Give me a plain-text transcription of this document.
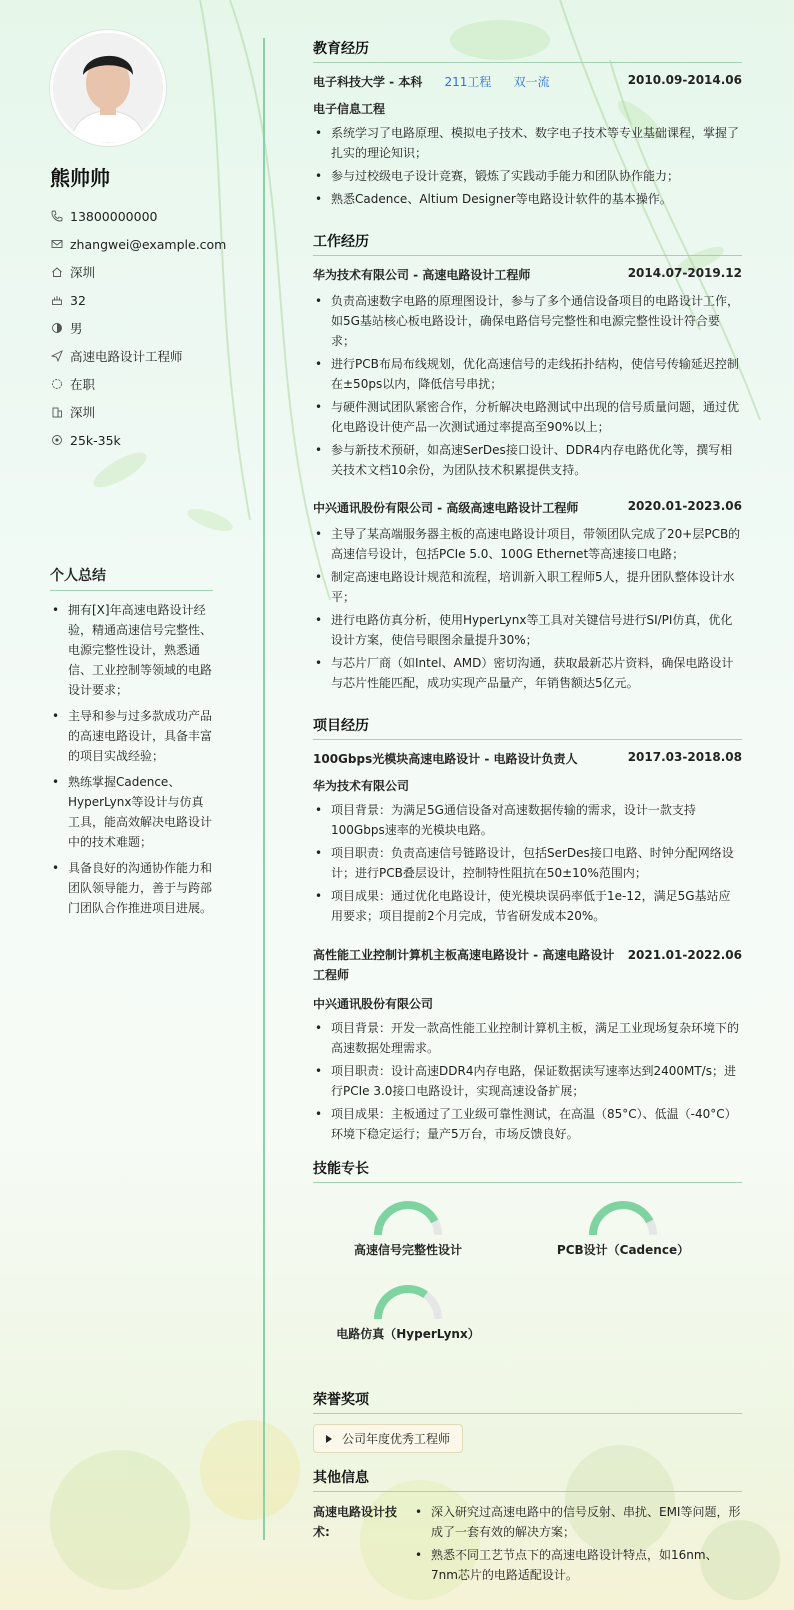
熊帅帅
13800000000
zhangwei@example.com
深圳
32
男
高速电路设计工程师
在职
深圳
25k-35k
个人总结
• 拥有[X]年高速电路设计经验，精通高速信号完整性、电源完整性设计，熟悉通信、工业控制等领域的电路设计要求；
• 主导和参与过多款成功产品的高速电路设计，具备丰富的项目实战经验；
• 熟练掌握Cadence、HyperLynx等设计与仿真工具，能高效解决电路设计中的技术难题；
• 具备良好的沟通协作能力和团队领导能力，善于与跨部门团队合作推进项目进展。
教育经历
电子科技大学 - 本科 211工程 双一流	2010.09-2014.06
电子信息工程
• 系统学习了电路原理、模拟电子技术、数字电子技术等专业基础课程，掌握了扎实的理论知识；
• 参与过校级电子设计竞赛，锻炼了实践动手能力和团队协作能力；
• 熟悉Cadence、Altium Designer等电路设计软件的基本操作。
工作经历
华为技术有限公司 - 高速电路设计工程师	2014.07-2019.12
• 负责高速数字电路的原理图设计，参与了多个通信设备项目的电路设计工作，如5G基站核心板电路设计，确保电路信号完整性和电源完整性设计符合要求；
• 进行PCB布局布线规划，优化高速信号的走线拓扑结构，使信号传输延迟控制在±50ps以内，降低信号串扰；
• 与硬件测试团队紧密合作，分析解决电路测试中出现的信号质量问题，通过优化电路设计使产品一次测试通过率提高至90%以上；
• 参与新技术预研，如高速SerDes接口设计、DDR4内存电路优化等，撰写相关技术文档10余份，为团队技术积累提供支持。
中兴通讯股份有限公司 - 高级高速电路设计工程师	2020.01-2023.06
• 主导了某高端服务器主板的高速电路设计项目，带领团队完成了20+层PCB的高速信号设计，包括PCIe 5.0、100G Ethernet等高速接口电路；
• 制定高速电路设计规范和流程，培训新入职工程师5人，提升团队整体设计水平；
• 进行电路仿真分析，使用HyperLynx等工具对关键信号进行SI/PI仿真，优化设计方案，使信号眼图余量提升30%；
• 与芯片厂商（如Intel、AMD）密切沟通，获取最新芯片资料，确保电路设计与芯片性能匹配，成功实现产品量产，年销售额达5亿元。
项目经历
100Gbps光模块高速电路设计 - 电路设计负责人	2017.03-2018.08
华为技术有限公司
• 项目背景：为满足5G通信设备对高速数据传输的需求，设计一款支持100Gbps速率的光模块电路。
• 项目职责：负责高速信号链路设计，包括SerDes接口电路、时钟分配网络设计；进行PCB叠层设计，控制特性阻抗在50±10%范围内；
• 项目成果：通过优化电路设计，使光模块误码率低于1e-12，满足5G基站应用要求；项目提前2个月完成，节省研发成本20%。
高性能工业控制计算机主板高速电路设计 - 高速电路设计
工程师
2021.01-2022.06
中兴通讯股份有限公司
• 项目背景：开发一款高性能工业控制计算机主板，满足工业现场复杂环境下的高速数据处理需求。
• 项目职责：设计高速DDR4内存电路，保证数据读写速率达到2400MT/s；进行PCIe 3.0接口电路设计，实现高速设备扩展；
• 项目成果：主板通过了工业级可靠性测试，在高温（85°C）、低温（-40°C）环境下稳定运行；量产5万台，市场反馈良好。
技能专长
高速信号完整性设计	PCB设计（Cadence）
电路仿真（HyperLynx）
荣誉奖项
公司年度优秀工程师
其他信息
高速电路设计技术:
• 深入研究过高速电路中的信号反射、串扰、EMI等问题，形成了一套有效的解决方案；
• 熟悉不同工艺节点下的高速电路设计特点，如16nm、7nm芯片的电路适配设计。
